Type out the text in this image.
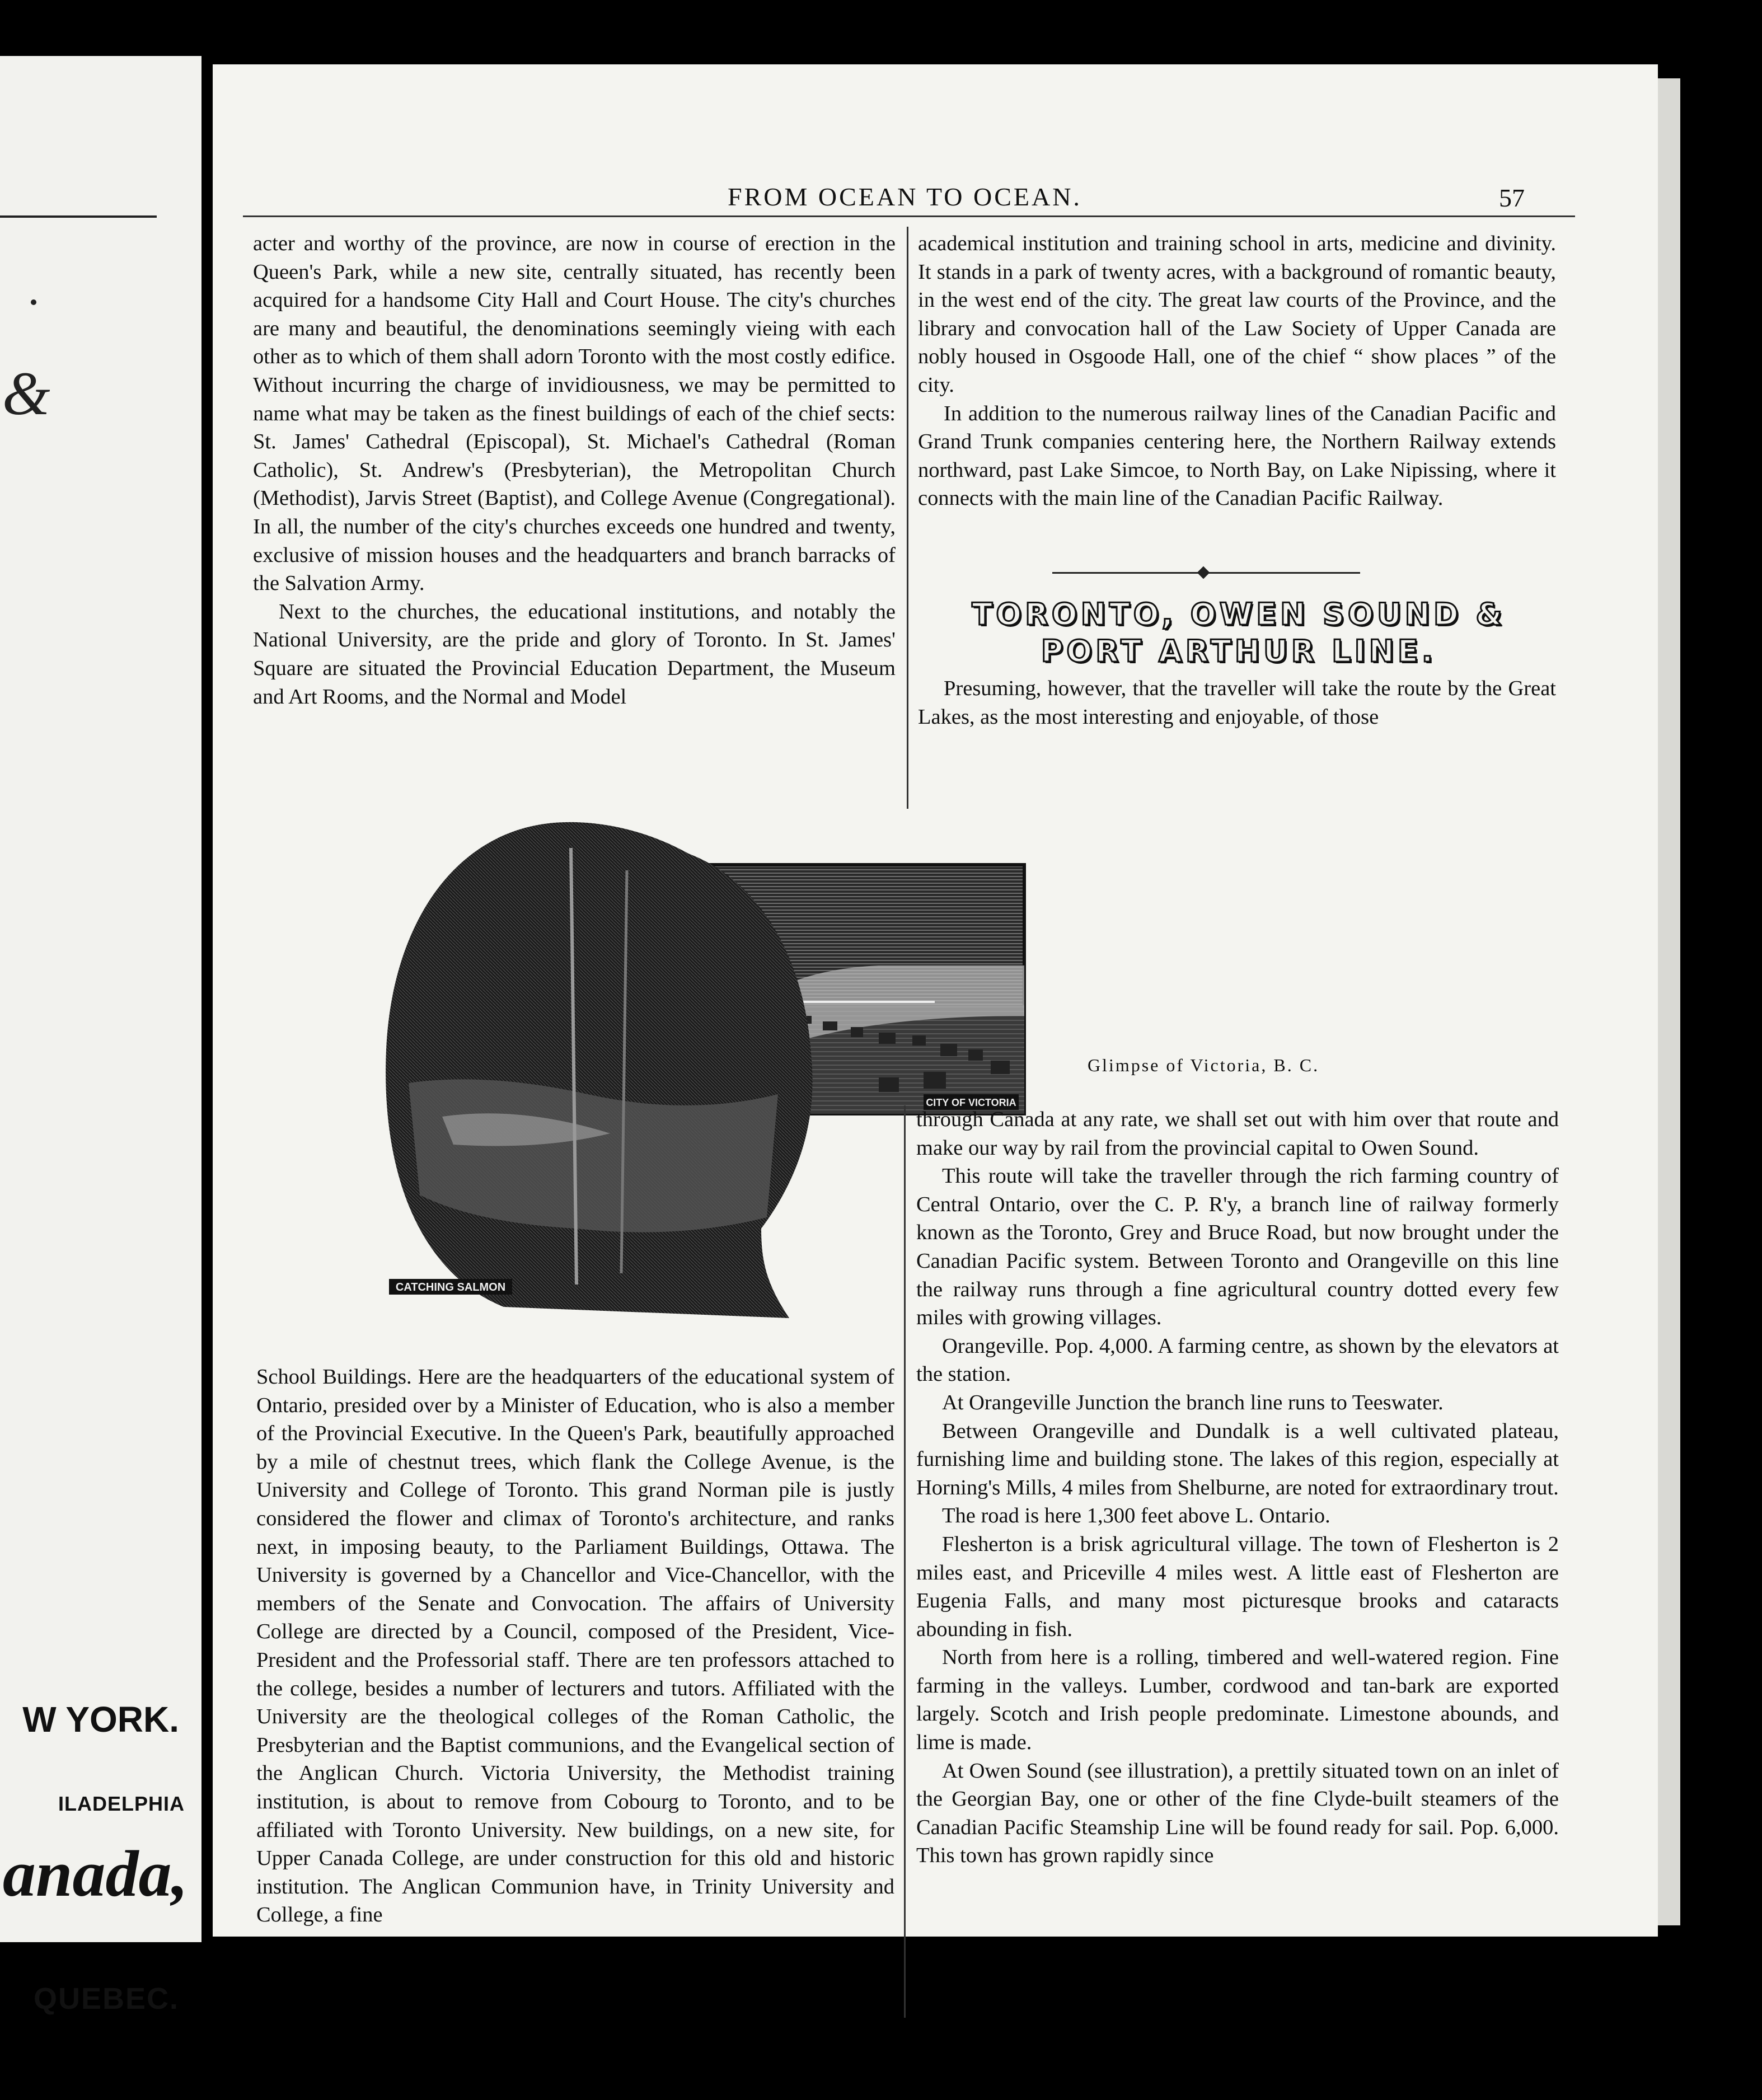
&
W YORK.
ILADELPHIA
anada,
QUEBEC.
FROM OCEAN TO OCEAN.	57

acter and worthy of the province, are now in course of erection in the Queen's Park, while a new site, centrally situated, has recently been acquired for a handsome City Hall and Court House. The city's churches are many and beautiful, the denominations seemingly vieing with each other as to which of them shall adorn Toronto with the most costly edifice. Without incurring the charge of invidiousness, we may be permitted to name what may be taken as the finest buildings of each of the chief sects: St. James' Cathedral (Episcopal), St. Michael's Cathedral (Roman Catholic), St. Andrew's (Presbyterian), the Metropolitan Church (Methodist), Jarvis Street (Baptist), and College Avenue (Congregational). In all, the number of the city's churches exceeds one hundred and twenty, exclusive of mission houses and the headquarters and branch barracks of the Salvation Army.

Next to the churches, the educational institutions, and notably the National University, are the pride and glory of Toronto. In St. James' Square are situated the Provincial Education Department, the Museum and Art Rooms, and the Normal and Model

academical institution and training school in arts, medicine and divinity. It stands in a park of twenty acres, with a background of romantic beauty, in the west end of the city. The great law courts of the Province, and the library and convocation hall of the Law Society of Upper Canada are nobly housed in Osgoode Hall, one of the chief “ show places ” of the city.

In addition to the numerous railway lines of the Canadian Pacific and Grand Trunk companies centering here, the Northern Railway extends northward, past Lake Simcoe, to North Bay, on Lake Nipissing, where it connects with the main line of the Canadian Pacific Railway.

TORONTO, OWEN SOUND &
PORT ARTHUR LINE.

Presuming, however, that the traveller will take the route by the Great Lakes, as the most interesting and enjoyable, of those

CITY OF VICTORIA
CATCHING SALMON
Glimpse of Victoria, B. C.

School Buildings. Here are the headquarters of the educational system of Ontario, presided over by a Minister of Education, who is also a member of the Provincial Executive. In the Queen's Park, beautifully approached by a mile of chestnut trees, which flank the College Avenue, is the University and College of Toronto. This grand Norman pile is justly considered the flower and climax of Toronto's architecture, and ranks next, in imposing beauty, to the Parliament Buildings, Ottawa. The University is governed by a Chancellor and Vice-Chancellor, with the members of the Senate and Convocation. The affairs of University College are directed by a Council, composed of the President, Vice-President and the Professorial staff. There are ten professors attached to the college, besides a number of lecturers and tutors. Affiliated with the University are the theological colleges of the Roman Catholic, the Presbyterian and the Baptist communions, and the Evangelical section of the Anglican Church. Victoria University, the Methodist training institution, is about to remove from Cobourg to Toronto, and to be affiliated with Toronto University. New buildings, on a new site, for Upper Canada College, are under construction for this old and historic institution. The Anglican Communion have, in Trinity University and College, a fine

through Canada at any rate, we shall set out with him over that route and make our way by rail from the provincial capital to Owen Sound.

This route will take the traveller through the rich farming country of Central Ontario, over the C. P. R'y, a branch line of railway formerly known as the Toronto, Grey and Bruce Road, but now brought under the Canadian Pacific system. Between Toronto and Orangeville on this line the railway runs through a fine agricultural country dotted every few miles with growing villages.

Orangeville. Pop. 4,000. A farming centre, as shown by the elevators at the station.

At Orangeville Junction the branch line runs to Teeswater.

Between Orangeville and Dundalk is a well cultivated plateau, furnishing lime and building stone. The lakes of this region, especially at Horning's Mills, 4 miles from Shelburne, are noted for extraordinary trout.

The road is here 1,300 feet above L. Ontario.

Flesherton is a brisk agricultural village. The town of Flesherton is 2 miles east, and Priceville 4 miles west. A little east of Flesherton are Eugenia Falls, and many most picturesque brooks and cataracts abounding in fish.

North from here is a rolling, timbered and well-watered region. Fine farming in the valleys. Lumber, cordwood and tan-bark are exported largely. Scotch and Irish people predominate. Limestone abounds, and lime is made.

At Owen Sound (see illustration), a prettily situated town on an inlet of the Georgian Bay, one or other of the fine Clyde-built steamers of the Canadian Pacific Steamship Line will be found ready for sail. Pop. 6,000. This town has grown rapidly since
